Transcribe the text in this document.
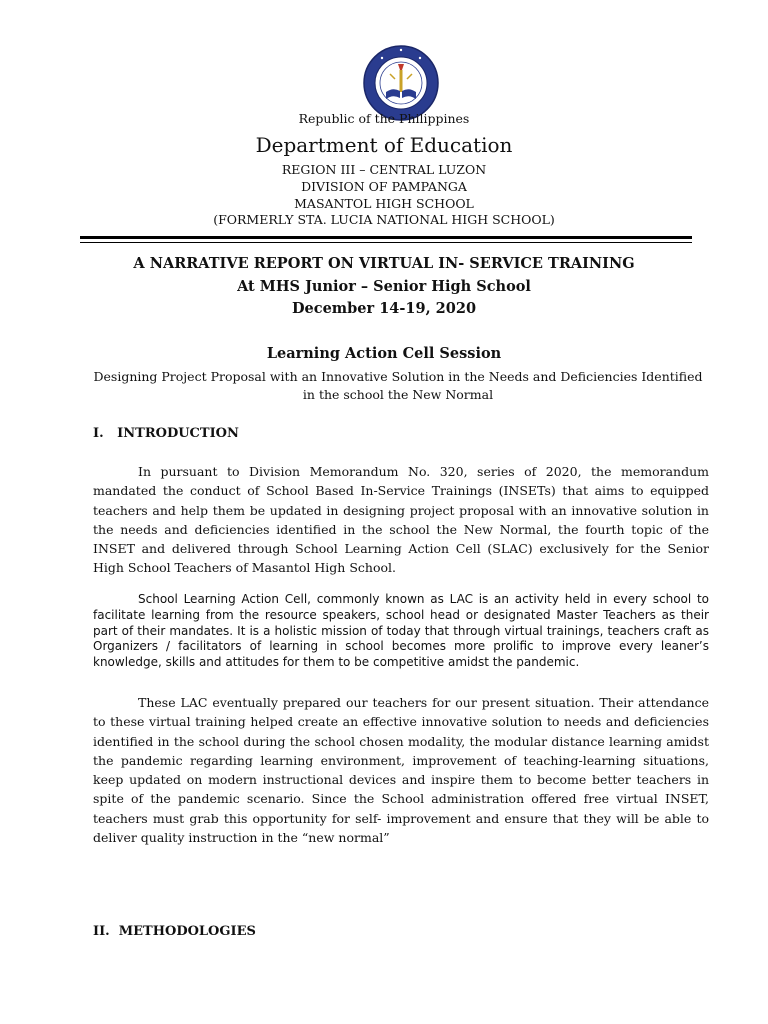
Republic of the Philippines
Department of Education
REGION III – CENTRAL LUZON
DIVISION OF PAMPANGA
MASANTOL HIGH SCHOOL
(FORMERLY STA. LUCIA NATIONAL HIGH SCHOOL)
A NARRATIVE REPORT ON VIRTUAL IN- SERVICE TRAINING
At MHS Junior – Senior High School
December 14-19, 2020
Learning Action Cell Session
Designing Project Proposal with an Innovative Solution in the Needs and Deficiencies Identified in the school the New Normal
I.   INTRODUCTION

In pursuant to Division Memorandum No. 320, series of 2020, the memorandum mandated the conduct of School Based In-Service Trainings (INSETs) that aims to equipped teachers and help them be updated in designing project proposal with an innovative solution in the needs and deficiencies identified in the school the New Normal, the fourth topic of the INSET and delivered through School Learning Action Cell (SLAC) exclusively for the Senior High School Teachers of Masantol High School.

School Learning Action Cell, commonly known as LAC is an activity held in every school to facilitate learning from the resource speakers, school head or designated Master Teachers as their part of their mandates. It is a holistic mission of today that through virtual trainings, teachers craft as Organizers / facilitators of learning in school becomes more prolific to improve every leaner’s knowledge, skills and attitudes for them to be competitive amidst the pandemic.

These LAC eventually prepared our teachers for our present situation. Their attendance to these virtual training helped create an effective innovative solution to needs and deficiencies identified in the school during the school chosen modality, the modular distance learning amidst the pandemic regarding learning environment, improvement of teaching-learning situations, keep updated on modern instructional devices and inspire them to become better teachers in spite of the pandemic scenario. Since the School administration offered free virtual INSET, teachers must grab this opportunity for self- improvement and ensure that they will be able to deliver quality instruction in the “new normal”

II.  METHODOLOGIES
